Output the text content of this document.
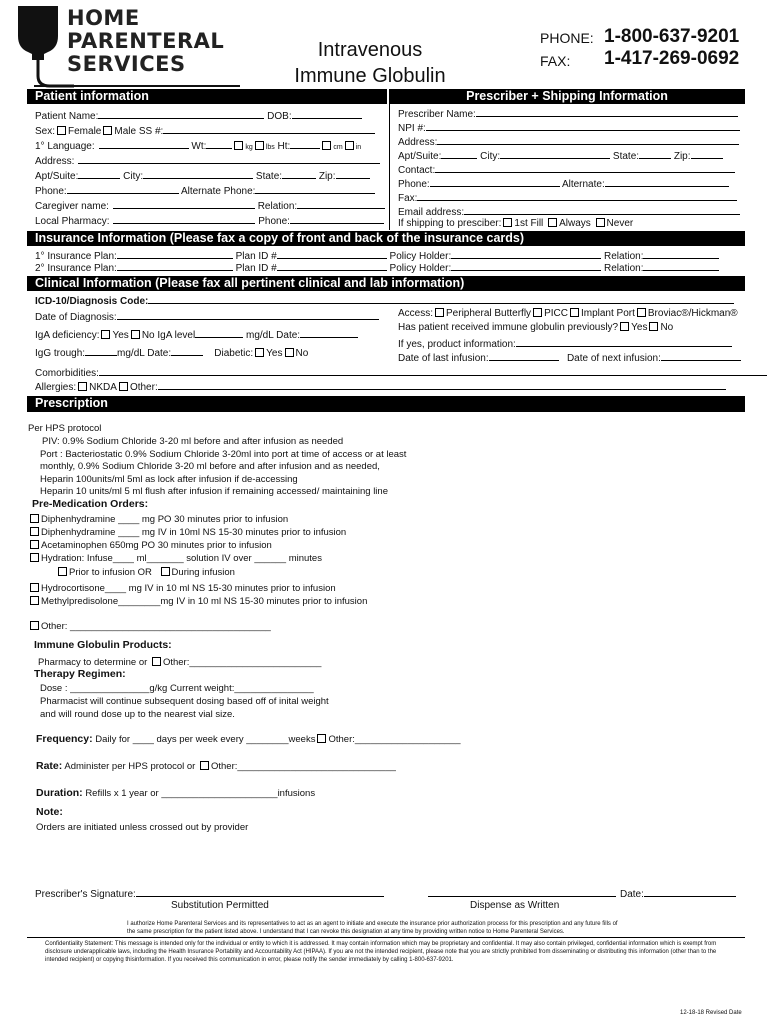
HOME
PARENTERAL
SERVICES
Intravenous
Immune Globulin
PHONE: 1-800-637-9201
FAX: 1-417-269-0692
Patient information	Prescriber + Shipping Information
Patient Name:	DOB:
Sex: Female Male SS #:
1° Language:	Wt:	kg lbs Ht:	cm in
Address:
Apt/Suite:	City:	State:	Zip:
Phone:	Alternate Phone:
Caregiver name:	Relation:
Local Pharmacy:	Phone:
Prescriber Name:
NPI #:
Address:
Apt/Suite:	City:	State:	Zip:
Contact:
Phone:	Alternate:
Fax:
Email address:
If shipping to presciber: 1st Fill Always Never
Insurance Information (Please fax a copy of front and back of the insurance cards)
1° Insurance Plan:	Plan ID #	Policy Holder:	Relation:
2° Insurance Plan:	Plan ID #	Policy Holder:	Relation:
Clinical Information (Please fax all pertinent clinical and lab information)
ICD-10/Diagnosis Code:
Date of Diagnosis:	Access: Peripheral Butterfly PICC Implant Port Broviac®/Hickman®
IgA deficiency: Yes No IgA level	mg/dL Date:
Has patient received immune globulin previously? Yes No
If yes, product information:
IgG trough:	mg/dL Date:	Diabetic: Yes No	Date of last infusion:	Date of next infusion:
Comorbidities:
Allergies: NKDA Other:
Prescription
Per HPS protocol
PIV: 0.9% Sodium Chloride 3-20 ml before and after infusion as needed
Port : Bacteriostatic 0.9% Sodium Chloride 3-20ml into port at time of access or at least
monthly, 0.9% Sodium Chloride 3-20 ml before and after infusion and as needed,
Heparin 100units/ml 5ml as lock after infusion if de-accessing
Heparin 10 units/ml 5 ml flush after infusion if remaining accessed/ maintaining line
Pre-Medication Orders:
Diphenhydramine ____ mg PO 30 minutes prior to infusion
Diphenhydramine ____ mg IV in 10ml NS 15-30 minutes prior to infusion
Acetaminophen 650mg PO 30 minutes prior to infusion
Hydration: Infuse____ ml_______ solution IV over ______ minutes
Prior to infusion OR During infusion
Hydrocortisone____ mg IV in 10 ml NS 15-30 minutes prior to infusion
Methylpredisolone________mg IV in 10 ml NS 15-30 minutes prior to infusion
Other: ______________________________________
Immune Globulin Products:
Pharmacy to determine or Other:_________________________
Therapy Regimen:
Dose : _______________g/kg Current weight:_______________
Pharmacist will continue subsequent dosing based off of inital weight
and will round dose up to the nearest vial size.
Frequency: Daily for ____ days per week every ________weeks Other:____________________
Rate: Administer per HPS protocol or Other:______________________________
Duration: Refills x 1 year or ______________________infusions
Note:
Orders are initiated unless crossed out by provider
Prescriber's Signature:
Substitution Permitted	Dispense as Written
Date:
I authorize Home Parenteral Services and its representatives to act as an agent to initiate and execute the insurance prior authorization process for this prescription and any future fills of the same prescription for the patient listed above. I understand that I can revoke this designation at any time by providing written notice to Home Parenteral Services.
Confidentiality Statement: This message is intended only for the individual or entity to which it is addressed. It may contain information which may be proprietary and confidential. It may also contain privileged, confidential information which is exempt from disclosure underapplicable laws, including the Health Insurance Portability and Accountability Act (HIPAA). If you are not the intended recipient, please note that you are strictly prohibited from disseminating or distributing this information (other than to the intended recipient) or copying thisinformation. If you received this communication in error, please notify the sender immediately by calling 1-800-637-9201.
12-18-18 Revised Date
